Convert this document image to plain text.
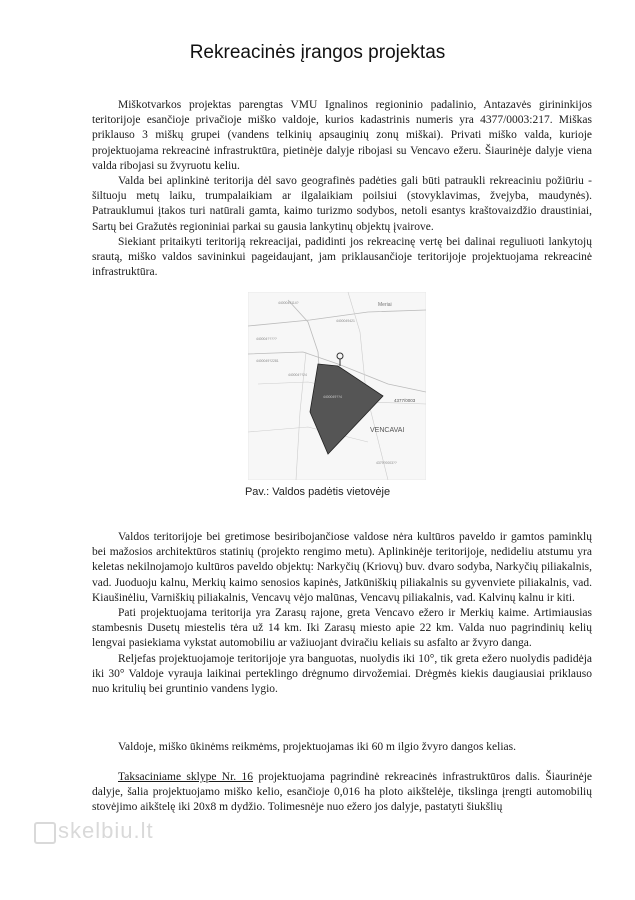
Rekreacinės įrangos projektas

Miškotvarkos projektas parengtas VMU Ignalinos regioninio padalinio, Antazavės girininkijos teritorijoje esančioje privačioje miško valdoje, kurios kadastrinis numeris yra 4377/0003:217. Miškas priklauso 3 miškų grupei (vandens telkinių apsauginių zonų miškai). Privati miško valda, kurioje projektuojama rekreacinė infrastruktūra, pietinėje dalyje ribojasi su Vencavo ežeru. Šiaurinėje dalyje viena valda ribojasi su žvyruotu keliu.

Valda bei aplinkinė teritorija dėl savo geografinės padėties gali būti patraukli rekreaciniu požiūriu - šiltuoju metų laiku, trumpalaikiam ar ilgalaikiam poilsiui (stovyklavimas, žvejyba, maudynės). Patrauklumui įtakos turi natūrali gamta, kaimo turizmo sodybos, netoli esantys kraštovaizdžio draustiniai, Sartų bei Gražutės regioniniai parkai su gausia lankytinų objektų įvairove.

Siekiant pritaikyti teritoriją rekreacijai, padidinti jos rekreacinę vertę bei dalinai reguliuoti lankytojų srautą, miško valdos savininkui pageidaujant, jam priklausančioje teritorijoje projektuojama rekreacinė infrastruktūra.

Meriai
4400049114?
4400049421
440004?????
4400049?2281
440004??24
4400049??4
4379?0003??
4377/0003
VENCAVAI
Pav.: Valdos padėtis vietovėje

Valdos teritorijoje bei gretimose besiribojančiose valdose nėra kultūros paveldo ir gamtos paminklų bei mažosios architektūros statinių (projekto rengimo metu). Aplinkinėje teritorijoje, nedideliu atstumu yra keletas nekilnojamojo kultūros paveldo objektų: Narkyčių (Kriovų) buv. dvaro sodyba, Narkyčių piliakalnis, vad. Juoduoju kalnu, Merkių kaimo senosios kapinės, Jatkūniškių piliakalnis su gyvenviete piliakalnis, vad. Kiaušinėliu, Varniškių piliakalnis, Vencavų vėjo malūnas, Vencavų piliakalnis, vad. Kalvinų kalnu ir kiti.

Pati projektuojama teritorija yra Zarasų rajone, greta Vencavo ežero ir Merkių kaime. Artimiausias stambesnis Dusetų miestelis tėra už 14 km. Iki Zarasų miesto apie 22 km. Valda nuo pagrindinių kelių lengvai pasiekiama vykstat automobiliu ar važiuojant dviračiu keliais su asfalto ar žvyro danga.

Reljefas projektuojamoje teritorijoje yra banguotas, nuolydis iki 10°, tik greta ežero nuolydis padidėja iki 30° Valdoje vyrauja laikinai perteklingo drėgnumo dirvožemiai. Drėgmės kiekis daugiausiai priklauso nuo kritulių bei gruntinio vandens lygio.

Valdoje, miško ūkinėms reikmėms, projektuojamas iki 60 m ilgio žvyro dangos kelias.

Taksaciniame sklype Nr. 16 projektuojama pagrindinė rekreacinės infrastruktūros dalis. Šiaurinėje dalyje, šalia projektuojamo miško kelio, esančioje 0,016 ha ploto aikštelėje, tikslinga įrengti automobilių stovėjimo aikštelę iki 20x8 m dydžio. Tolimesnėje nuo ežero jos dalyje, pastatyti šiukšlių

skelbiu.lt
